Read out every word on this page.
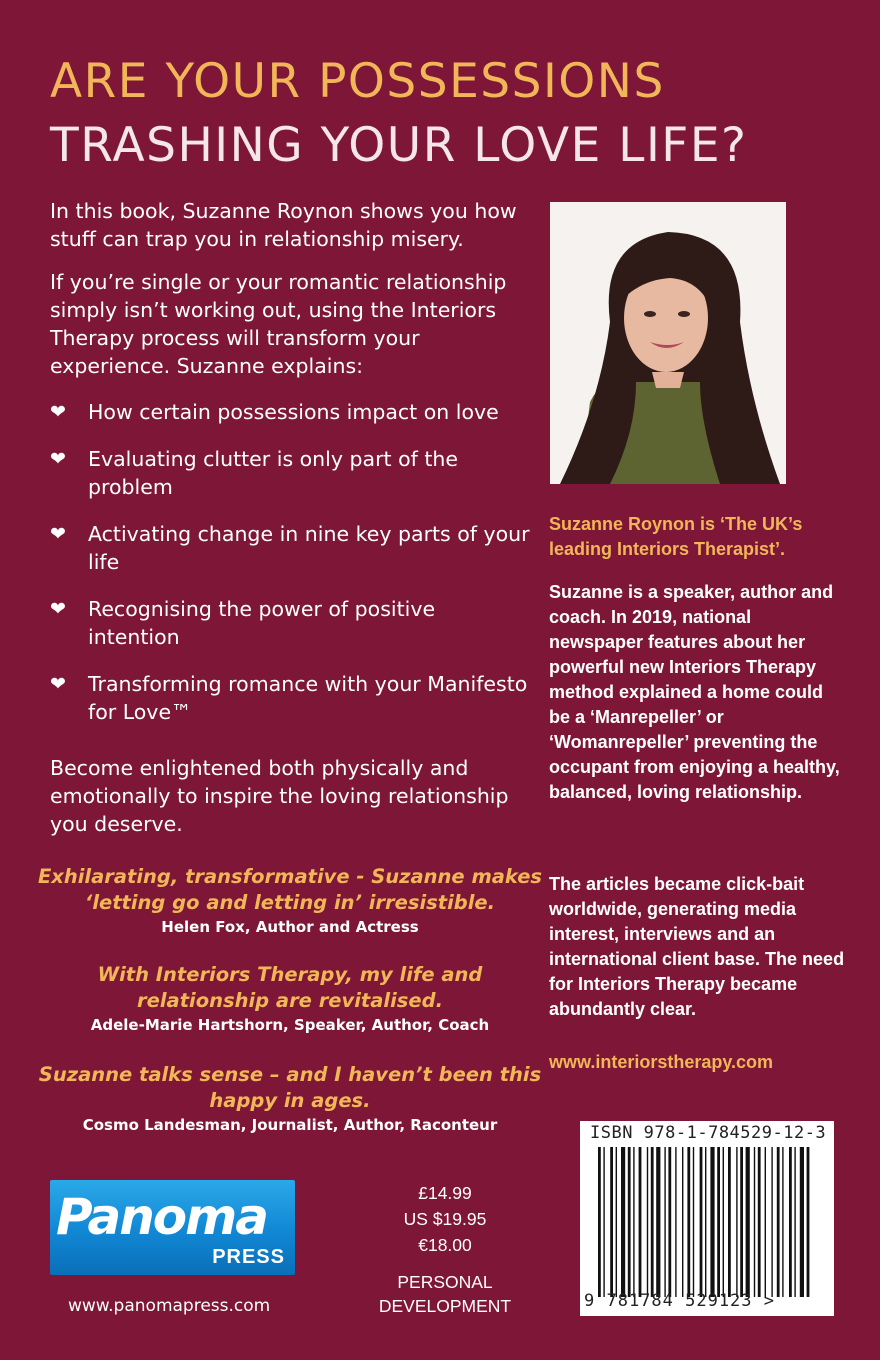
ARE YOUR POSSESSIONS
TRASHING YOUR LOVE LIFE?
In this book, Suzanne Roynon shows you how stuff can trap you in relationship misery.
If you’re single or your romantic relationship simply isn’t working out, using the Interiors Therapy process will transform your experience. Suzanne explains:
❤ How certain possessions impact on love
❤ Evaluating clutter is only part of the problem
❤ Activating change in nine key parts of your life
❤ Recognising the power of positive intention
❤ Transforming romance with your Manifesto for Love™
Become enlightened both physically and emotionally to inspire the loving relationship you deserve.
Exhilarating, transformative - Suzanne makes ‘letting go and letting in’ irresistible.
Helen Fox, Author and Actress
With Interiors Therapy, my life and relationship are revitalised.
Adele-Marie Hartshorn, Speaker, Author, Coach
Suzanne talks sense – and I haven’t been this happy in ages.
Cosmo Landesman, Journalist, Author, Raconteur
Suzanne Roynon is ‘The UK’s leading Interiors Therapist’.
Suzanne is a speaker, author and coach. In 2019, national newspaper features about her powerful new Interiors Therapy method explained a home could be a ‘Manrepeller’ or ‘Womanrepeller’ preventing the occupant from enjoying a healthy, balanced, loving relationship.
The articles became click-bait worldwide, generating media interest, interviews and an international client base. The need for Interiors Therapy became abundantly clear.
www.interiorstherapy.com
ISBN 978-1-784529-12-3
9 781784 529123 >
Panoma
PRESS
www.panomapress.com
£14.99
US $19.95
€18.00
PERSONAL DEVELOPMENT
